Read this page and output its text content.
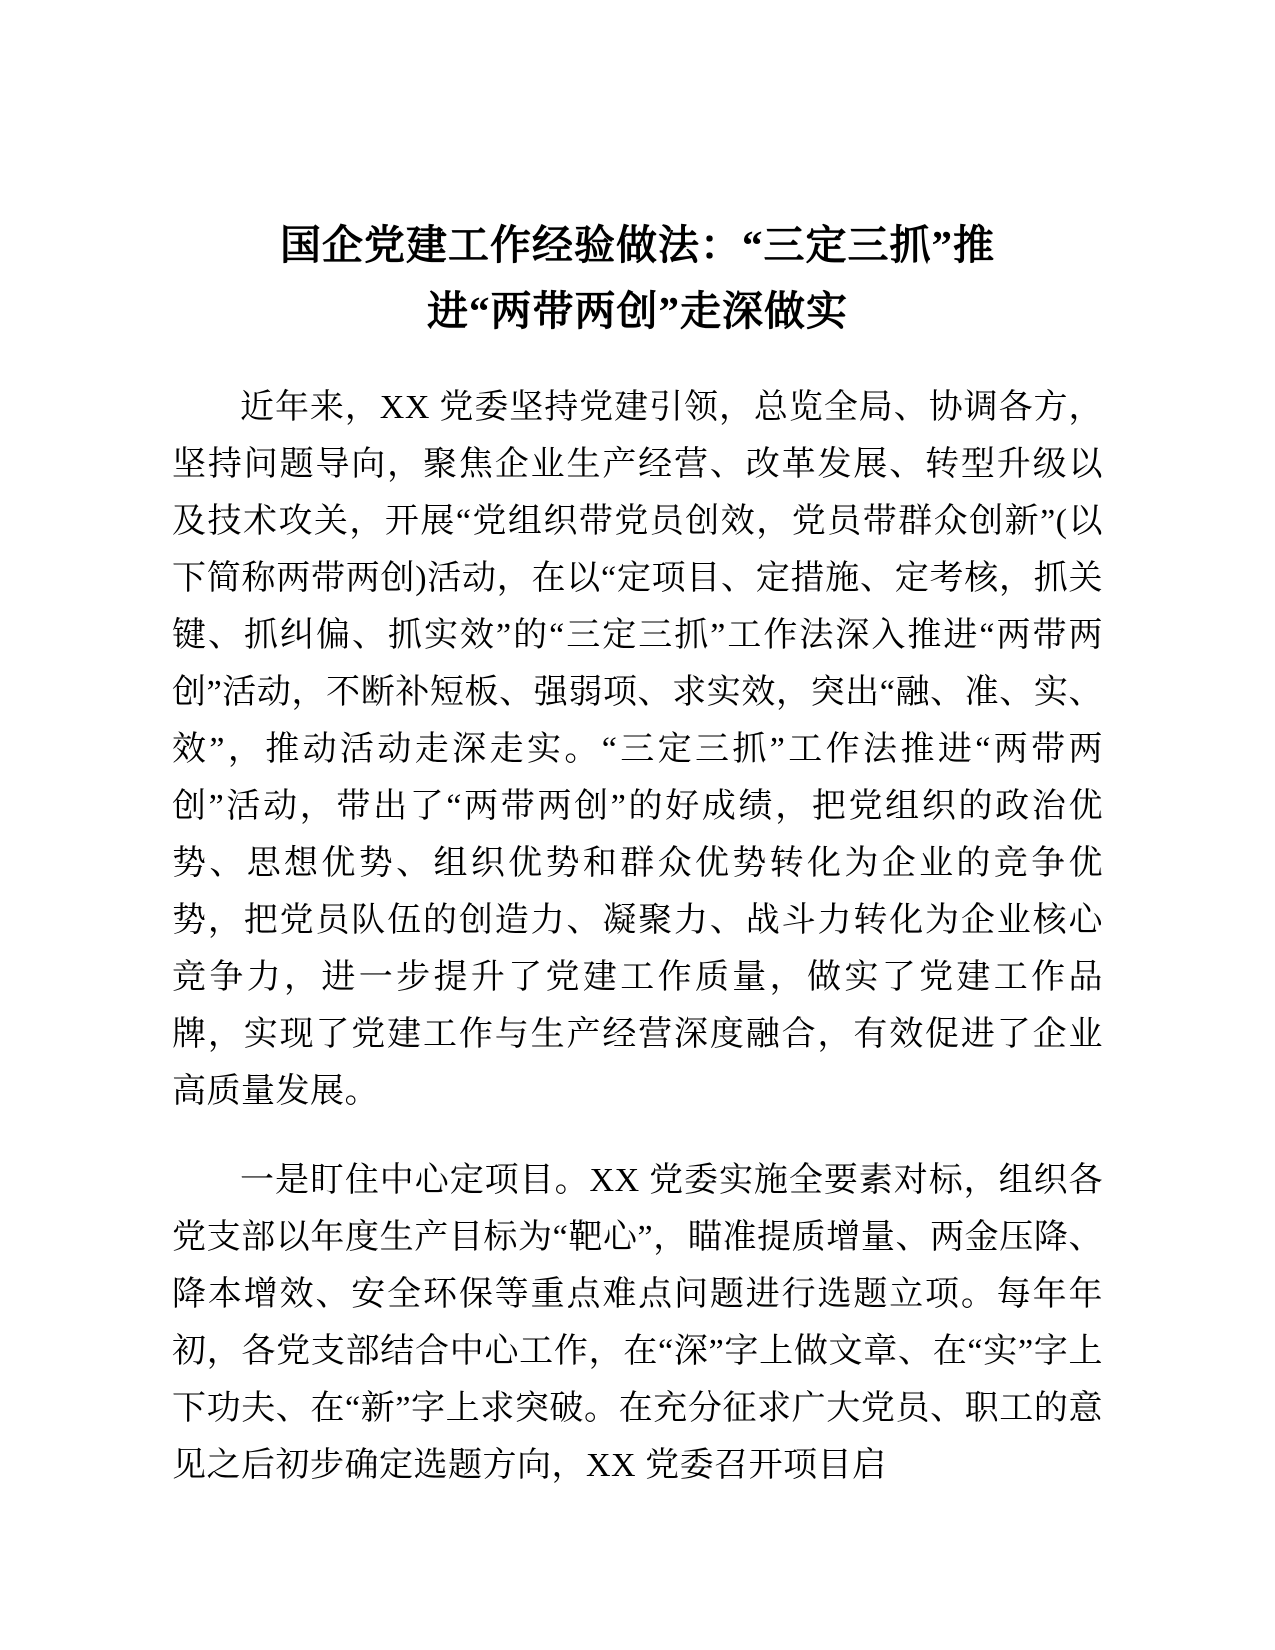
国企党建工作经验做法：“三定三抓”推
进“两带两创”走深做实

近年来，XX 党委坚持党建引领，总览全局、协调各方，坚持问题导向，聚焦企业生产经营、改革发展、转型升级以及技术攻关，开展“党组织带党员创效，党员带群众创新”(以下简称两带两创)活动，在以“定项目、定措施、定考核，抓关键、抓纠偏、抓实效”的“三定三抓”工作法深入推进“两带两创”活动，不断补短板、强弱项、求实效，突出“融、准、实、效”，推动活动走深走实。“三定三抓”工作法推进“两带两创”活动，带出了“两带两创”的好成绩，把党组织的政治优势、思想优势、组织优势和群众优势转化为企业的竞争优势，把党员队伍的创造力、凝聚力、战斗力转化为企业核心竞争力，进一步提升了党建工作质量，做实了党建工作品牌，实现了党建工作与生产经营深度融合，有效促进了企业高质量发展。

一是盯住中心定项目。XX 党委实施全要素对标，组织各党支部以年度生产目标为“靶心”，瞄准提质增量、两金压降、降本增效、安全环保等重点难点问题进行选题立项。每年年初，各党支部结合中心工作，在“深”字上做文章、在“实”字上下功夫、在“新”字上求突破。在充分征求广大党员、职工的意见之后初步确定选题方向，XX 党委召开项目启
